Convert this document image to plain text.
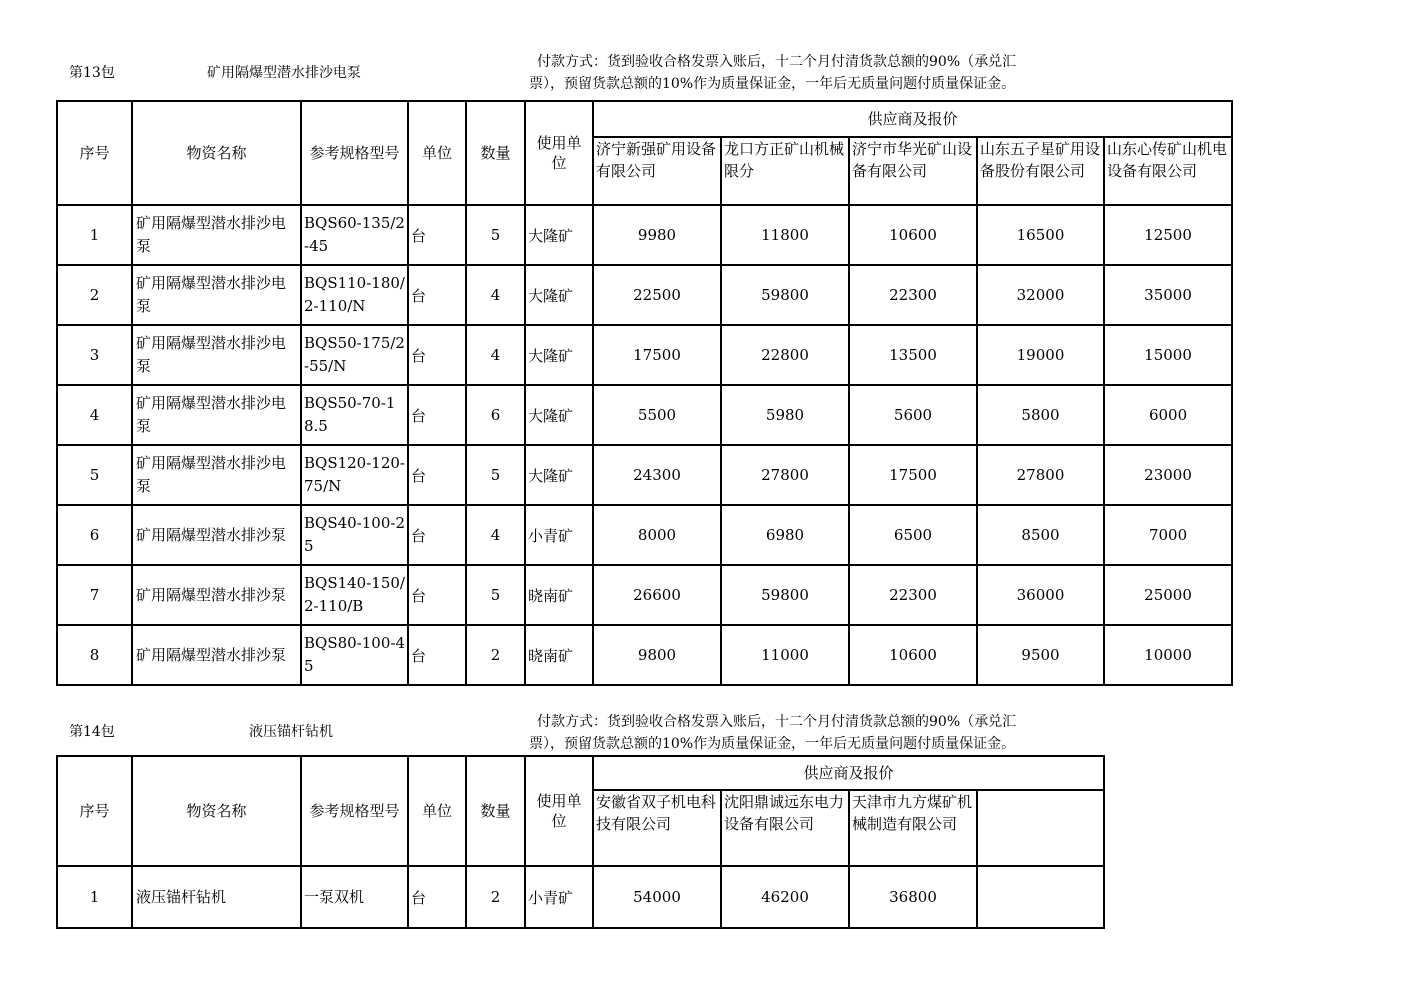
第13包	矿用隔爆型潜水排沙电泵
付款方式：货到验收合格发票入账后，十二个月付清货款总额的90%（承兑汇
票），预留货款总额的10%作为质量保证金，一年后无质量问题付质量保证金。
序号	物资名称	参考规格型号	单位	数量	使用单位	供应商及报价				
						济宁新强矿用设备有限公司	龙口方正矿山机械限分	济宁市华光矿山设备有限公司	山东五子星矿用设备股份有限公司	山东心传矿山机电设备有限公司
1	矿用隔爆型潜水排沙电泵	BQS60-135/2-45	台	5	大隆矿	9980	11800	10600	16500	12500
2	矿用隔爆型潜水排沙电泵	BQS110-180/2-110/N	台	4	大隆矿	22500	59800	22300	32000	35000
3	矿用隔爆型潜水排沙电泵	BQS50-175/2-55/N	台	4	大隆矿	17500	22800	13500	19000	15000
4	矿用隔爆型潜水排沙电泵	BQS50-70-18.5	台	6	大隆矿	5500	5980	5600	5800	6000
5	矿用隔爆型潜水排沙电泵	BQS120-120-75/N	台	5	大隆矿	24300	27800	17500	27800	23000
6	矿用隔爆型潜水排沙泵	BQS40-100-25	台	4	小青矿	8000	6980	6500	8500	7000
7	矿用隔爆型潜水排沙泵	BQS140-150/2-110/B	台	5	晓南矿	26600	59800	22300	36000	25000
8	矿用隔爆型潜水排沙泵	BQS80-100-45	台	2	晓南矿	9800	11000	10600	9500	10000
第14包	液压锚杆钻机
付款方式：货到验收合格发票入账后，十二个月付清货款总额的90%（承兑汇
票），预留货款总额的10%作为质量保证金，一年后无质量问题付质量保证金。
序号	物资名称	参考规格型号	单位	数量	使用单位	供应商及报价			
						安徽省双子机电科技有限公司	沈阳鼎诚远东电力设备有限公司	天津市九方煤矿机械制造有限公司	
1	液压锚杆钻机	一泵双机	台	2	小青矿	54000	46200	36800	
